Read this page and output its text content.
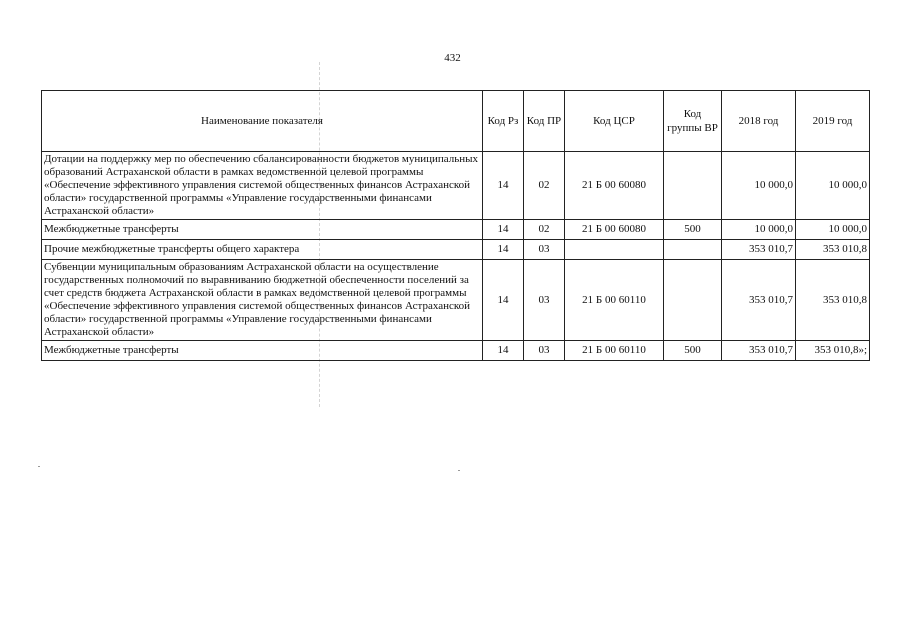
432
Наименование показателя	Код Рз	Код ПР	Код ЦСР	Код группы ВР	2018 год	2019 год
Дотации на поддержку мер по обеспечению сбалансированности бюджетов муниципальных образований Астраханской области в рамках ведомственной целевой программы «Обеспечение эффективного управления системой общественных финансов Астраханской области» государственной программы «Управление государственными финансами Астраханской области»	14	02	21 Б 00 60080		10 000,0	10 000,0
Межбюджетные трансферты	14	02	21 Б 00 60080	500	10 000,0	10 000,0
Прочие межбюджетные трансферты общего характера	14	03			353 010,7	353 010,8
Субвенции муниципальным образованиям Астраханской области на осуществление государственных полномочий по выравниванию бюджетной обеспеченности поселений за счет средств бюджета Астраханской области в рамках ведомственной целевой программы «Обеспечение эффективного управления системой общественных финансов Астраханской области» государственной программы «Управление государственными финансами Астраханской области»	14	03	21 Б 00 60110		353 010,7	353 010,8
Межбюджетные трансферты	14	03	21 Б 00 60110	500	353 010,7	353 010,8»;
